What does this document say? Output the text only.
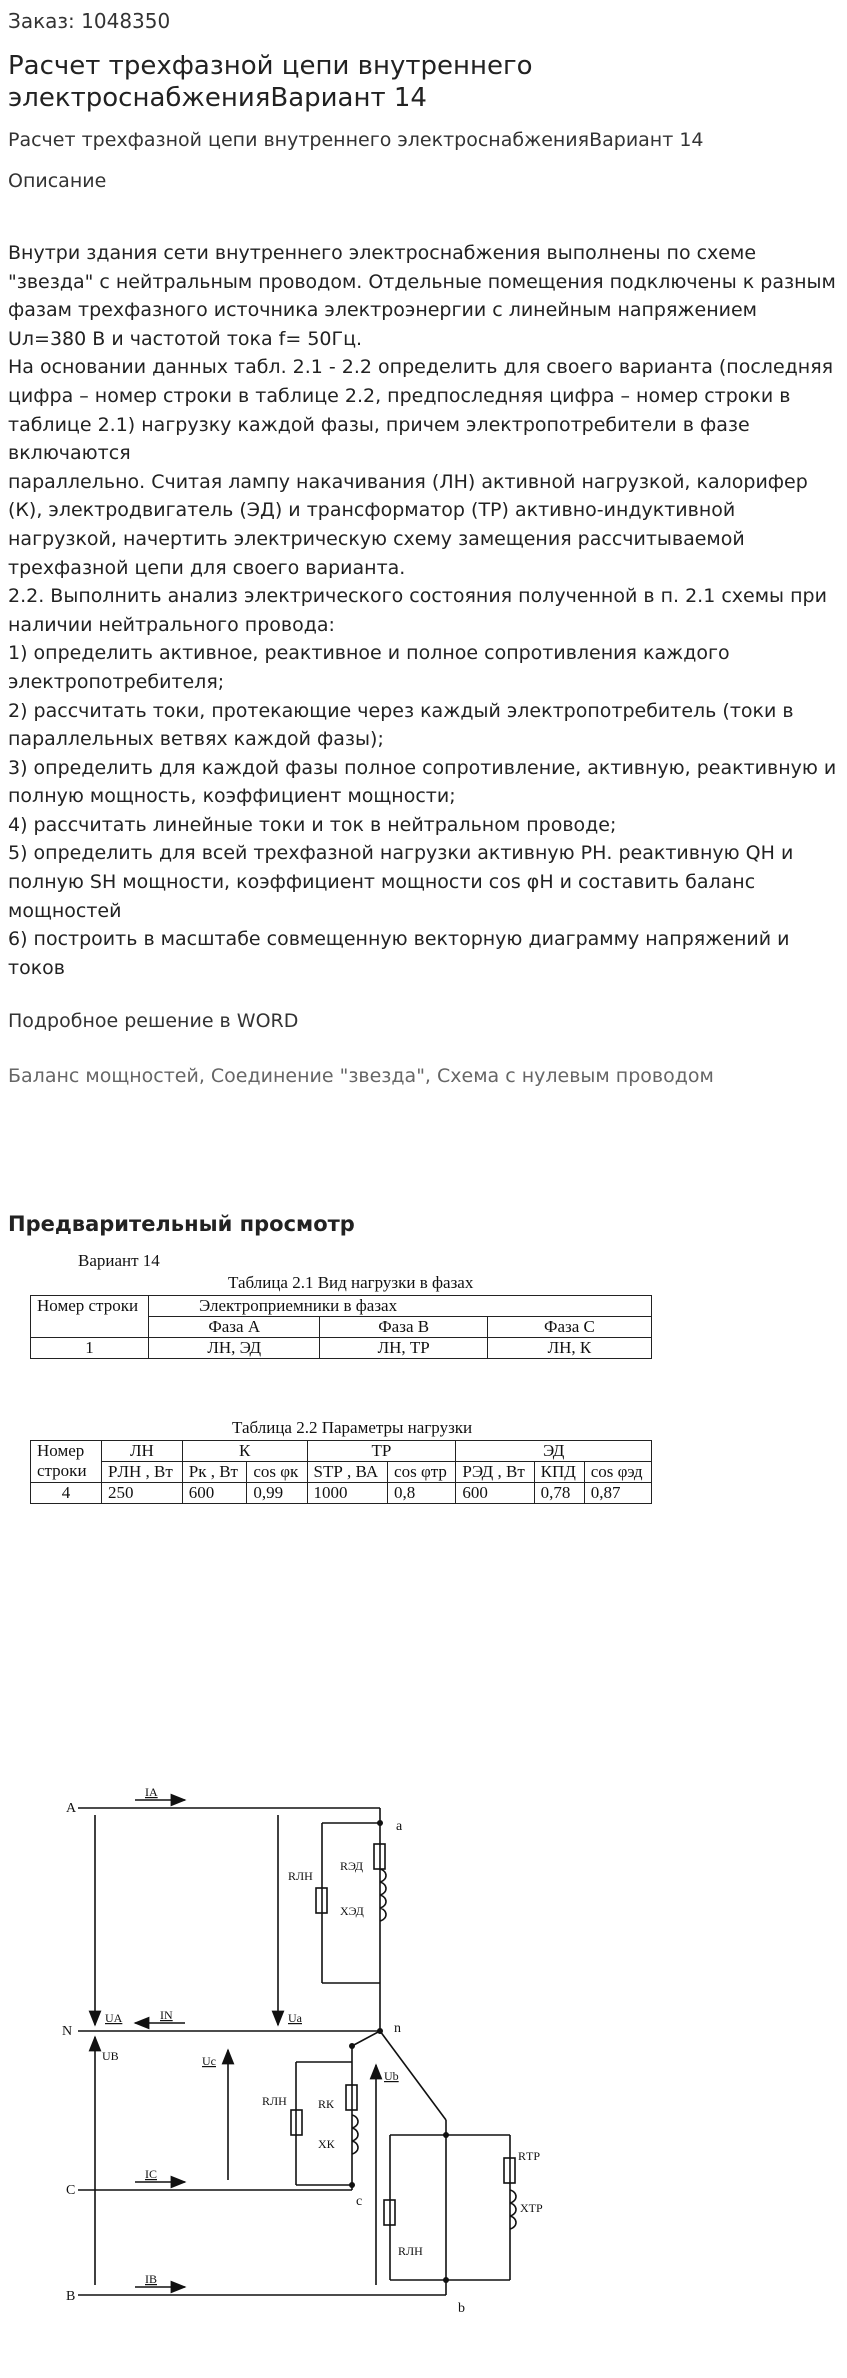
Заказ: 1048350

Расчет трехфазной цепи внутреннего электроснабженияВариант 14

Расчет трехфазной цепи внутреннего электроснабженияВариант 14

Описание

Внутри здания сети внутреннего электроснабжения выполнены по схеме
"звезда" с нейтральным проводом. Отдельные помещения подключены к разным
фазам трехфазного источника электроэнергии с линейным напряжением
Uл=380 В и частотой тока f= 50Гц.
На основании данных табл. 2.1 - 2.2 определить для своего варианта (последняя
цифра – номер строки в таблице 2.2, предпоследняя цифра – номер строки в
таблице 2.1) нагрузку каждой фазы, причем электропотребители в фазе
включаются
параллельно. Считая лампу накачивания (ЛН) активной нагрузкой, калорифер
(К), электродвигатель (ЭД) и трансформатор (ТР) активно-индуктивной
нагрузкой, начертить электрическую схему замещения рассчитываемой
трехфазной цепи для своего варианта.
2.2. Выполнить анализ электрического состояния полученной в п. 2.1 схемы при
наличии нейтрального провода:
1) определить активное, реактивное и полное сопротивления каждого
электропотребителя;
2) рассчитать токи, протекающие через каждый электропотребитель (токи в
параллельных ветвях каждой фазы);
3) определить для каждой фазы полное сопротивление, активную, реактивную и
полную мощность, коэффициент мощности;
4) рассчитать линейные токи и ток в нейтральном проводе;
5) определить для всей трехфазной нагрузки активную PН. реактивную QН и
полную SН мощности, коэффициент мощности cos φН и составить баланс
мощностей
6) построить в масштабе совмещенную векторную диаграмму напряжений и
токов

Подробное решение в WORD

Баланс мощностей, Соединение "звезда", Схема с нулевым проводом

Предварительный просмотр

Вариант 14
Таблица 2.1 Вид нагрузки в фазах
Номер строки	Электроприемники в фазах		
	Фаза А	Фаза В	Фаза С
1	ЛН, ЭД	ЛН, ТР	ЛН, К
Таблица 2.2 Параметры нагрузки
Номер строки	ЛН	К		ТР		ЭД		
	PЛН , Вт	Pк , Вт	cos φк	SТР , ВА	cos φтр	PЭД , Вт	КПД	cos φэд
4	250	600	0,99	1000	0,8	600	0,78	0,87
A
N
C
B
a
n
c
b
IA
IN
IC
IB
UA
UB
Ua
Uc
Ub
RЛН
RЭД
XЭД
RЛН	RК
XК
RЛН
RТР
XТР
